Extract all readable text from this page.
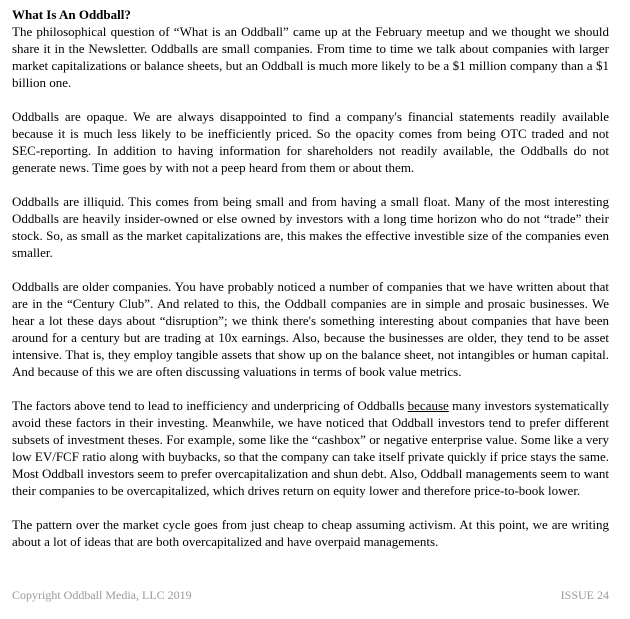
What Is An Oddball?

The philosophical question of “What is an Oddball” came up at the February meetup and we thought we should share it in the Newsletter. Oddballs are small companies. From time to time we talk about companies with larger market capitalizations or balance sheets, but an Oddball is much more likely to be a $1 million company than a $1 billion one.

Oddballs are opaque. We are always disappointed to find a company's financial statements readily available because it is much less likely to be inefficiently priced. So the opacity comes from being OTC traded and not SEC-reporting. In addition to having information for shareholders not readily available, the Oddballs do not generate news. Time goes by with not a peep heard from them or about them.

Oddballs are illiquid. This comes from being small and from having a small float. Many of the most interesting Oddballs are heavily insider-owned or else owned by investors with a long time horizon who do not “trade” their stock. So, as small as the market capitalizations are, this makes the effective investible size of the companies even smaller.

Oddballs are older companies. You have probably noticed a number of companies that we have written about that are in the “Century Club”. And related to this, the Oddball companies are in simple and prosaic businesses. We hear a lot these days about “disruption”; we think there's something interesting about companies that have been around for a century but are trading at 10x earnings. Also, because the businesses are older, they tend to be asset intensive. That is, they employ tangible assets that show up on the balance sheet, not intangibles or human capital. And because of this we are often discussing valuations in terms of book value metrics.

The factors above tend to lead to inefficiency and underpricing of Oddballs because many investors systematically avoid these factors in their investing. Meanwhile, we have noticed that Oddball investors tend to prefer different subsets of investment theses. For example, some like the “cashbox” or negative enterprise value. Some like a very low EV/FCF ratio along with buybacks, so that the company can take itself private quickly if price stays the same. Most Oddball investors seem to prefer overcapitalization and shun debt. Also, Oddball managements seem to want their companies to be overcapitalized, which drives return on equity lower and therefore price-to-book lower.

The pattern over the market cycle goes from just cheap to cheap assuming activism. At this point, we are writing about a lot of ideas that are both overcapitalized and have overpaid managements.

Copyright Oddball Media, LLC 2019	ISSUE 24
